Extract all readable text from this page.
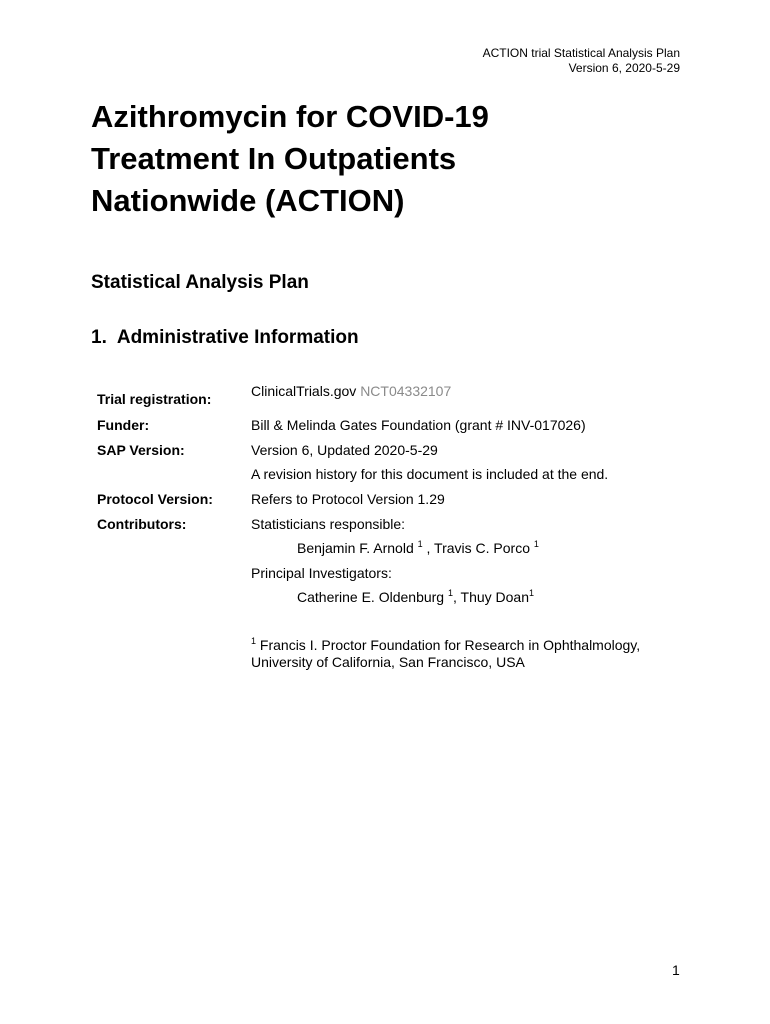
ACTION trial Statistical Analysis Plan
Version 6, 2020-5-29
Azithromycin for COVID-19
Treatment In Outpatients
Nationwide (ACTION)
Statistical Analysis Plan
1. Administrative Information
Trial registration:	ClinicalTrials.gov NCT04332107
Funder:	Bill & Melinda Gates Foundation (grant # INV-017026)
SAP Version:	Version 6, Updated 2020-5-29
A revision history for this document is included at the end.
Protocol Version:	Refers to Protocol Version 1.29
Contributors:	Statisticians responsible:
Benjamin F. Arnold $^1$ , Travis C. Porco $^1$
Principal Investigators:
Catherine E. Oldenburg $^1$, Thuy Doan$^1$
$^1$ Francis I. Proctor Foundation for Research in Ophthalmology,
University of California, San Francisco, USA
1
